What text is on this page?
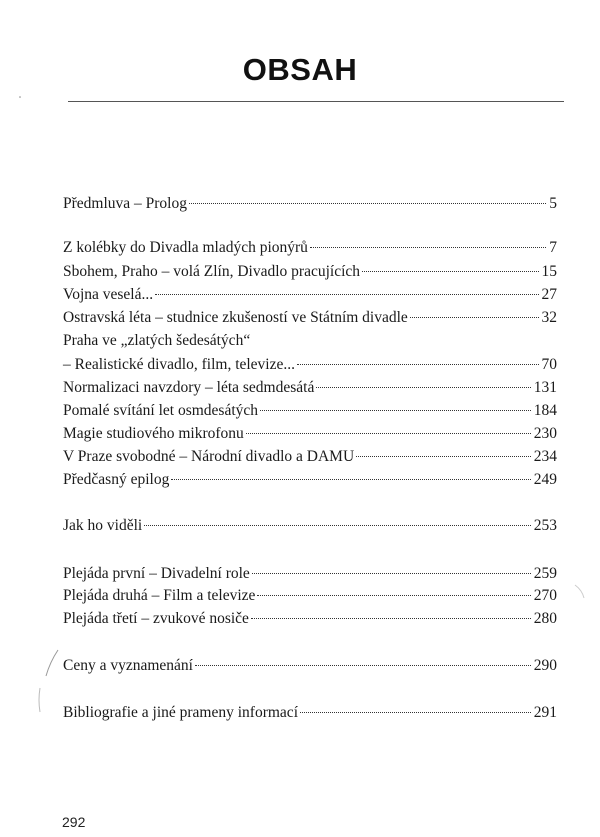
OBSAH
Předmluva – Prolog	5
Z kolébky do Divadla mladých pionýrů	7
Sbohem, Praho – volá Zlín, Divadlo pracujících	15
Vojna veselá...	27
Ostravská léta – studnice zkušeností ve Státním divadle	32
Praha ve „zlatých šedesátých“
– Realistické divadlo, film, televize...	70
Normalizaci navzdory – léta sedmdesátá	131
Pomalé svítání let osmdesátých	184
Magie studiového mikrofonu	230
V Praze svobodné – Národní divadlo a DAMU	234
Předčasný epilog	249
Jak ho viděli	253
Plejáda první – Divadelní role	259
Plejáda druhá – Film a televize	270
Plejáda třetí – zvukové nosiče	280
Ceny a vyznamenání	290
Bibliografie a jiné prameny informací	291
292
